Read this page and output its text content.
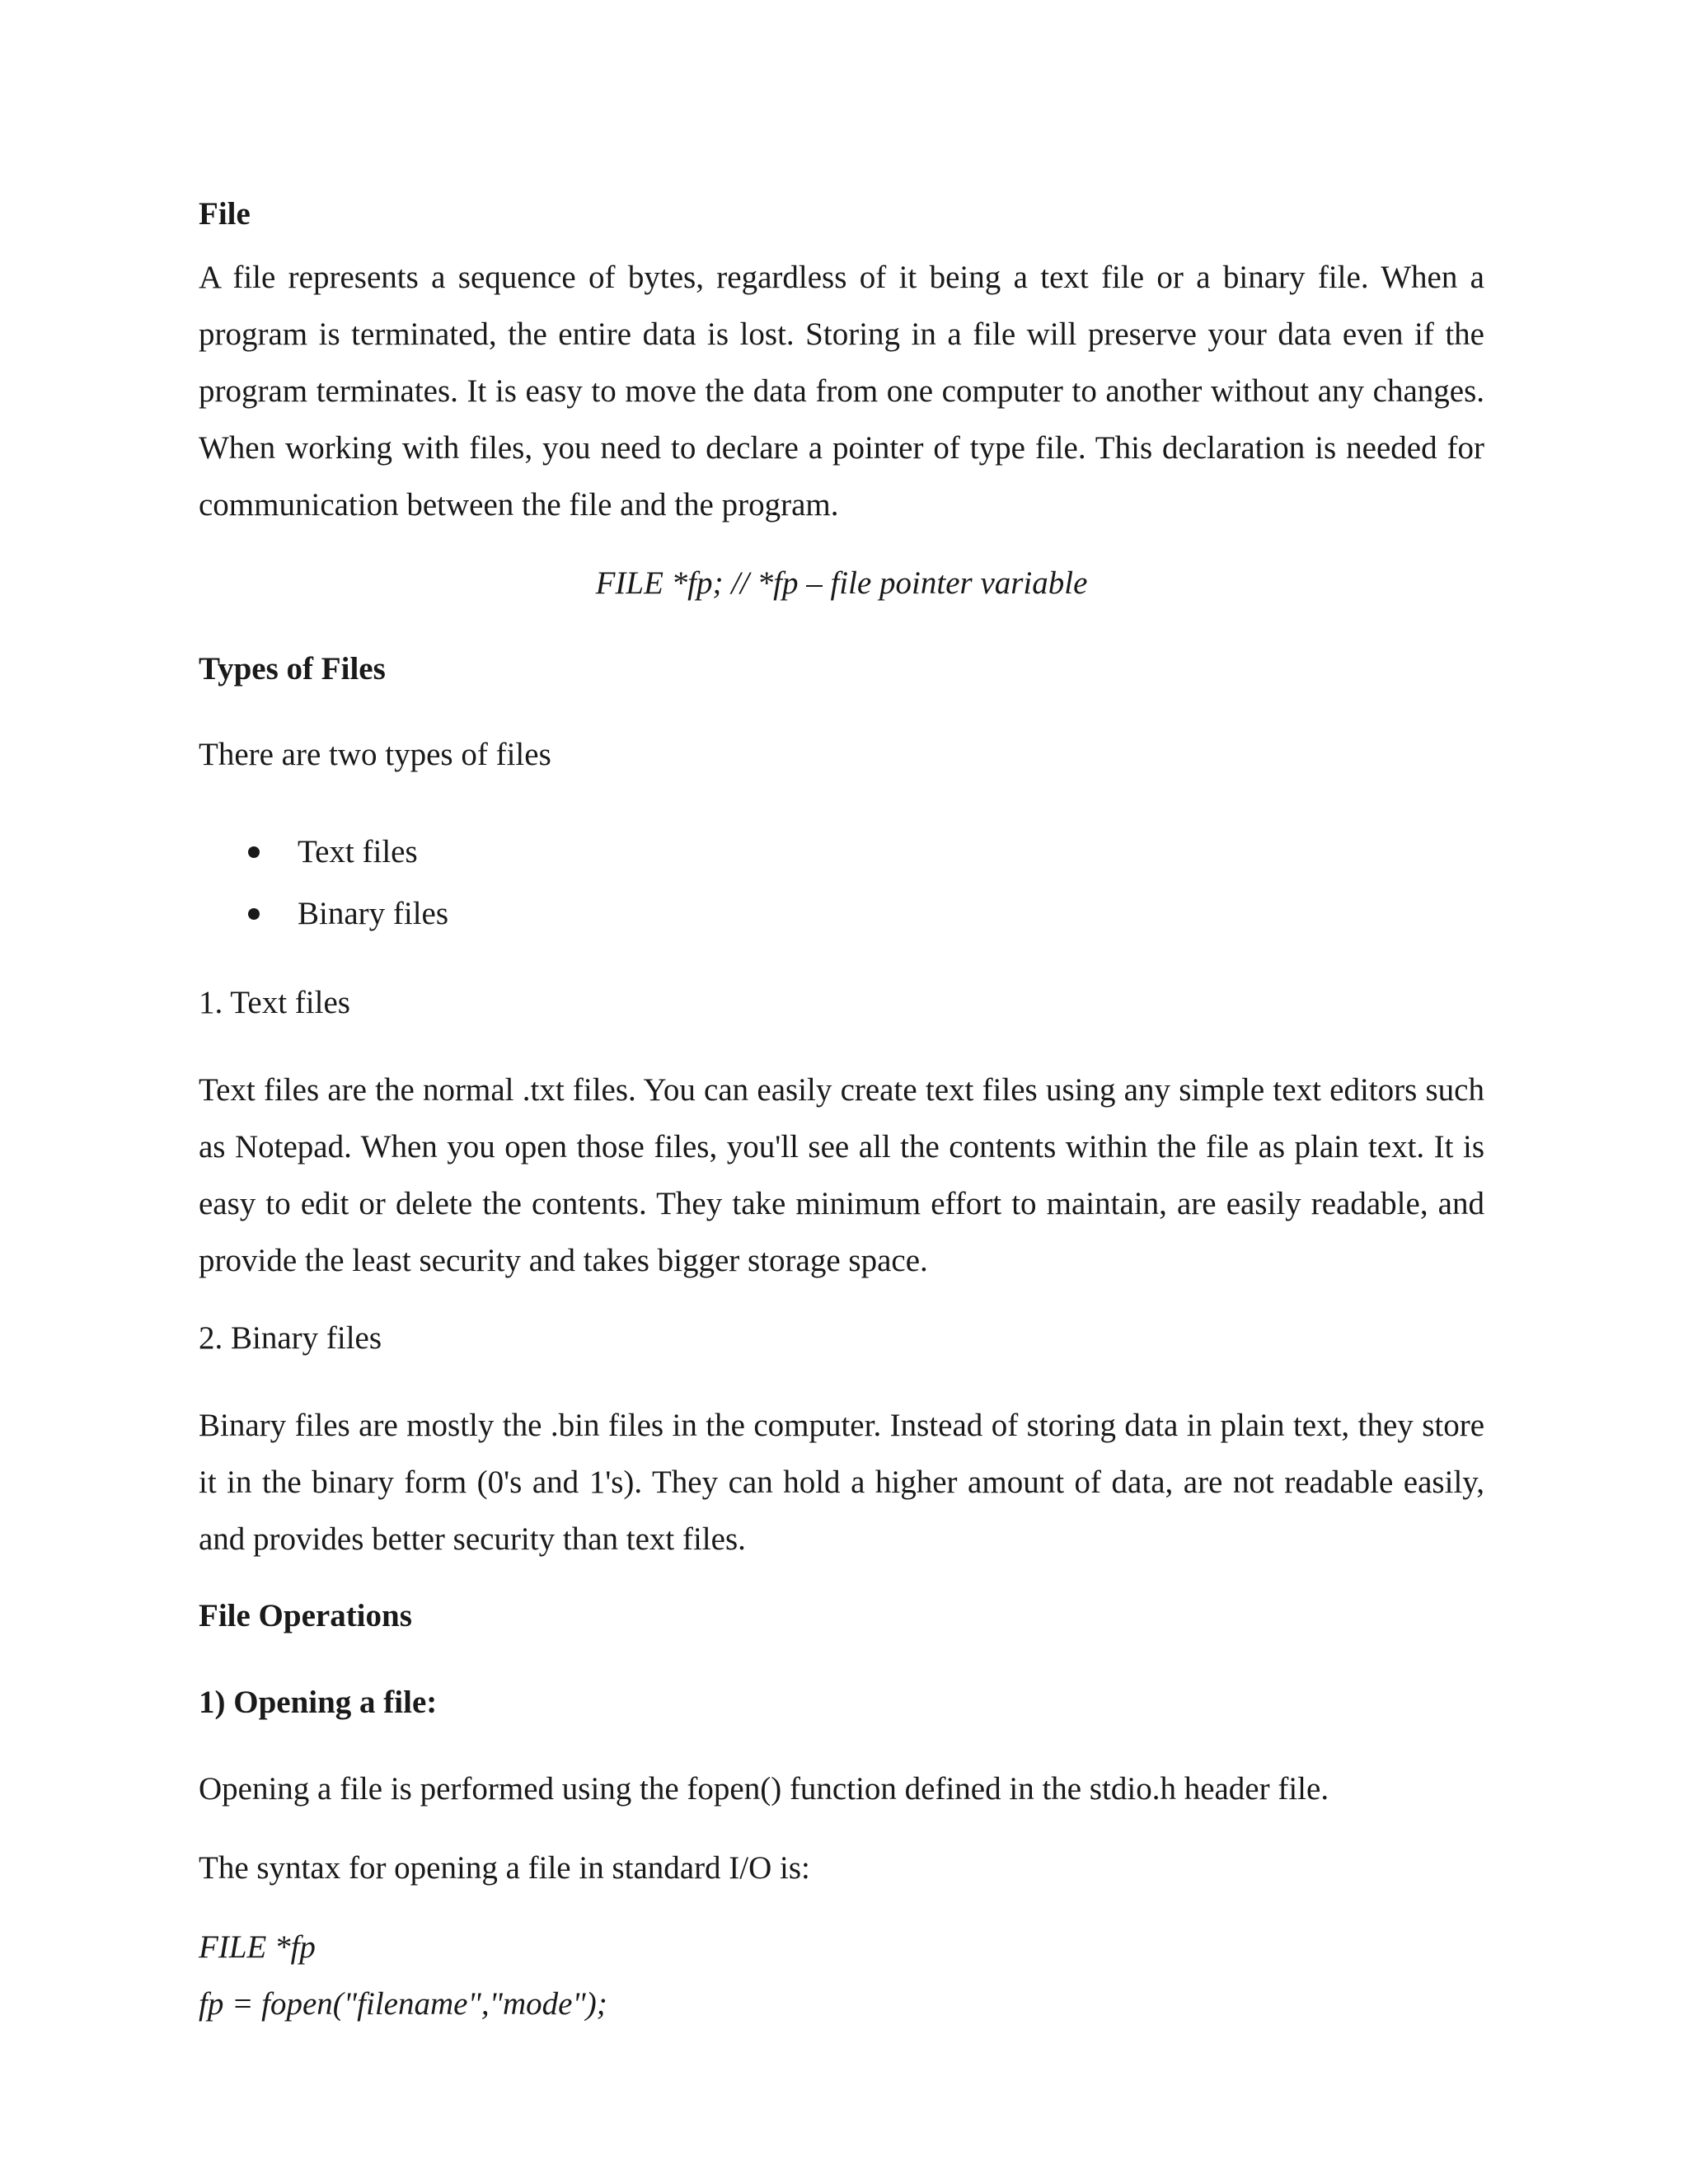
File

A file represents a sequence of bytes, regardless of it being a text file or a binary file. When a program is terminated, the entire data is lost. Storing in a file will preserve your data even if the program terminates. It is easy to move the data from one computer to another without any changes. When working with files, you need to declare a pointer of type file. This declaration is needed for communication between the file and the program.

FILE *fp; // *fp – file pointer variable

Types of Files

There are two types of files

Text files
Binary files

1. Text files

Text files are the normal .txt files. You can easily create text files using any simple text editors such as Notepad. When you open those files, you'll see all the contents within the file as plain text. It is easy to edit or delete the contents. They take minimum effort to maintain, are easily readable, and provide the least security and takes bigger storage space.

2. Binary files

Binary files are mostly the .bin files in the computer. Instead of storing data in plain text, they store it in the binary form (0's and 1's). They can hold a higher amount of data, are not readable easily, and provides better security than text files.

File Operations

1) Opening a file:

Opening a file is performed using the fopen() function defined in the stdio.h header file.

The syntax for opening a file in standard I/O is:

FILE *fp

fp = fopen("filename","mode");
